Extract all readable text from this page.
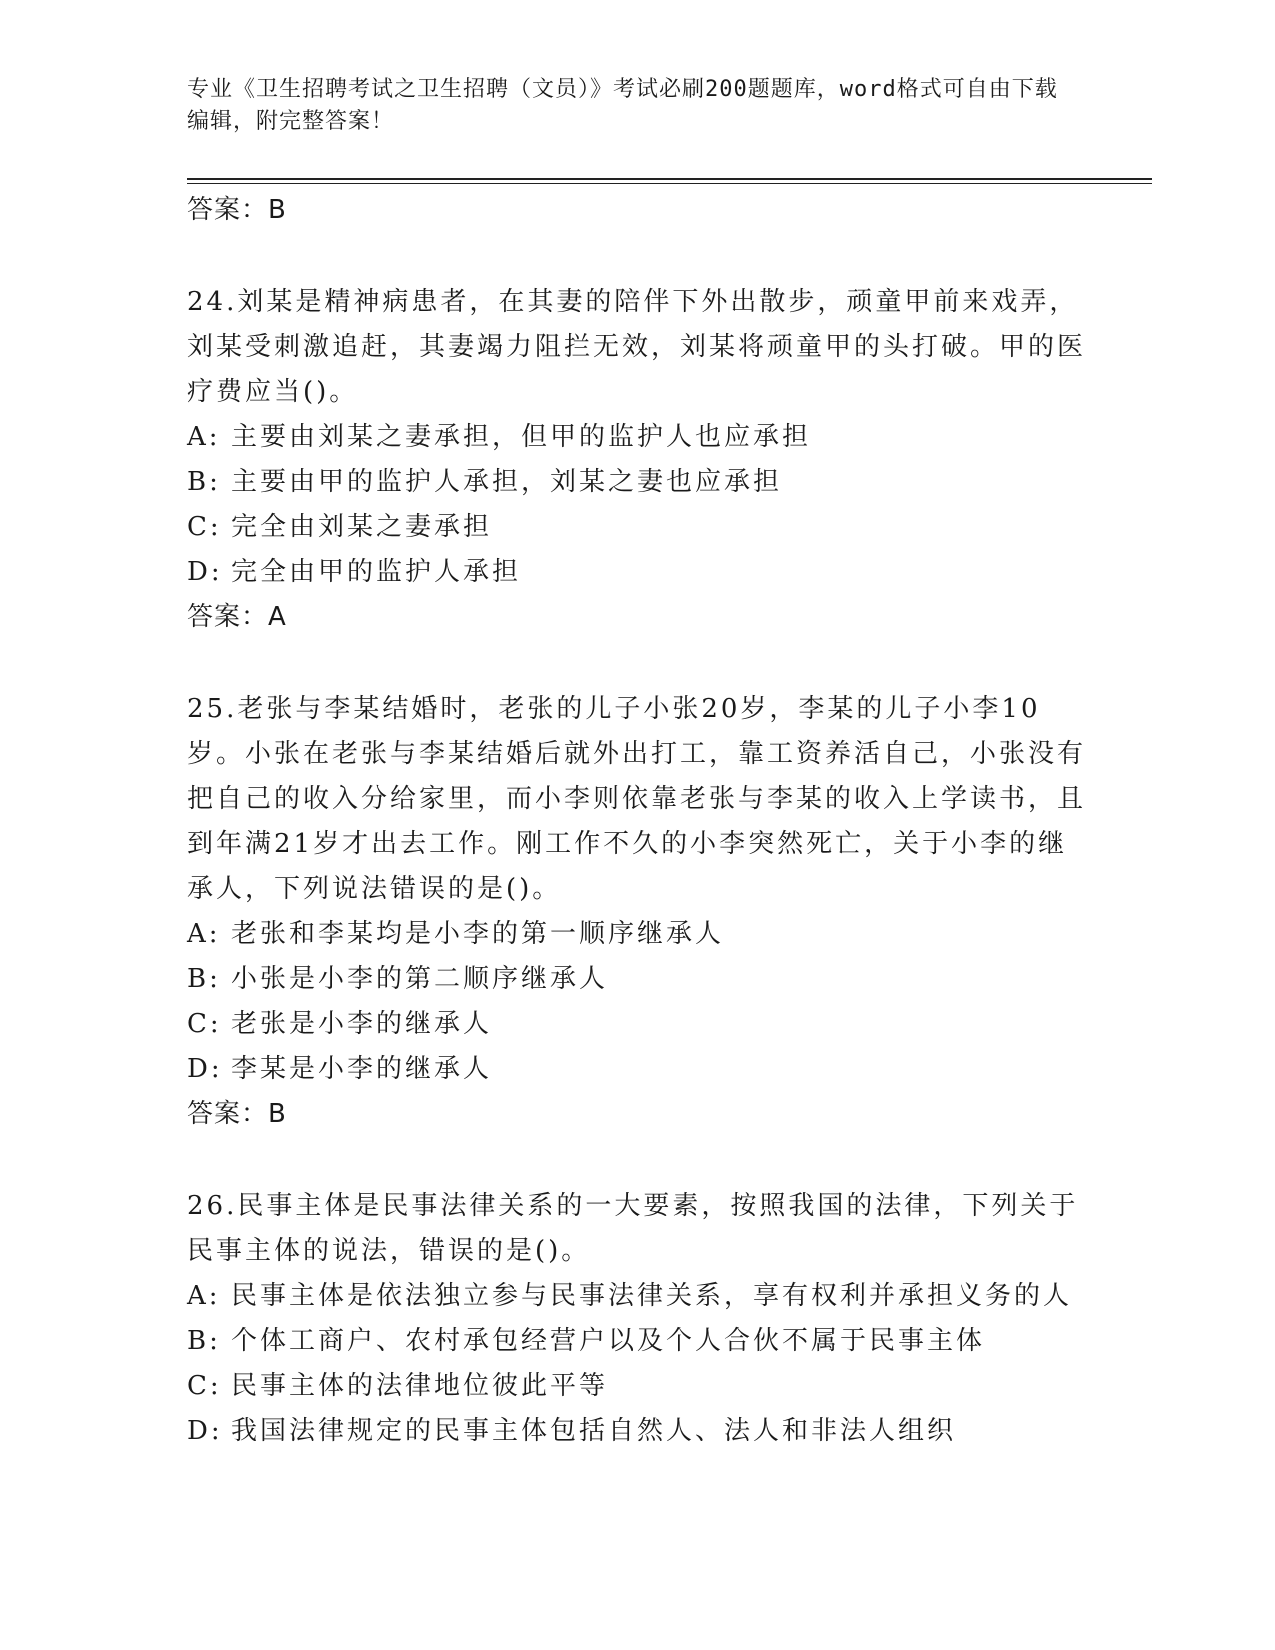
专业《卫生招聘考试之卫生招聘（文员）》考试必刷200题题库，word格式可自由下载编辑，附完整答案！

答案：B

24.刘某是精神病患者，在其妻的陪伴下外出散步，顽童甲前来戏弄，刘某受刺激追赶，其妻竭力阻拦无效，刘某将顽童甲的头打破。甲的医疗费应当()。

A: 主要由刘某之妻承担，但甲的监护人也应承担

B: 主要由甲的监护人承担，刘某之妻也应承担

C: 完全由刘某之妻承担

D: 完全由甲的监护人承担

答案：A

25.老张与李某结婚时，老张的儿子小张20岁，李某的儿子小李10岁。小张在老张与李某结婚后就外出打工，靠工资养活自己，小张没有把自己的收入分给家里，而小李则依靠老张与李某的收入上学读书，且到年满21岁才出去工作。刚工作不久的小李突然死亡，关于小李的继承人，下列说法错误的是()。

A: 老张和李某均是小李的第一顺序继承人

B: 小张是小李的第二顺序继承人

C: 老张是小李的继承人

D: 李某是小李的继承人

答案：B

26.民事主体是民事法律关系的一大要素，按照我国的法律，下列关于民事主体的说法，错误的是()。

A: 民事主体是依法独立参与民事法律关系，享有权利并承担义务的人

B: 个体工商户、农村承包经营户以及个人合伙不属于民事主体

C: 民事主体的法律地位彼此平等

D: 我国法律规定的民事主体包括自然人、法人和非法人组织
